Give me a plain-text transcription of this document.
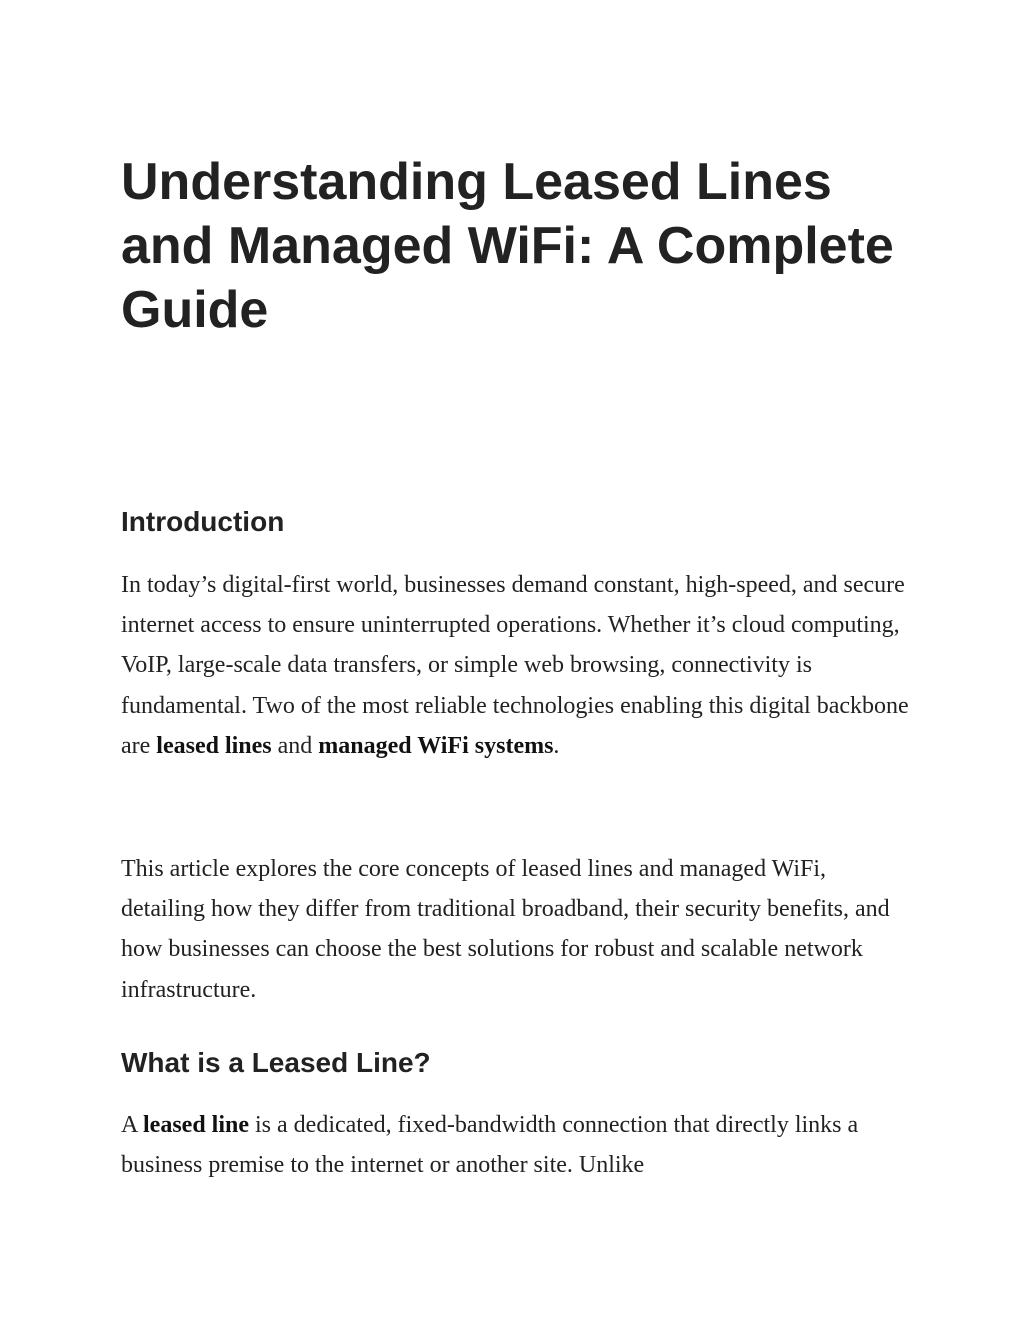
Understanding Leased Lines
and Managed WiFi: A Complete
Guide
Introduction

In today’s digital-first world, businesses demand constant, high-speed, and secure internet access to ensure uninterrupted operations. Whether it’s cloud computing, VoIP, large-scale data transfers, or simple web browsing, connectivity is fundamental. Two of the most reliable technologies enabling this digital backbone are leased lines and managed WiFi systems.

This article explores the core concepts of leased lines and managed WiFi, detailing how they differ from traditional broadband, their security benefits, and how businesses can choose the best solutions for robust and scalable network infrastructure.

What is a Leased Line?

A leased line is a dedicated, fixed-bandwidth connection that directly links a business premise to the internet or another site. Unlike
